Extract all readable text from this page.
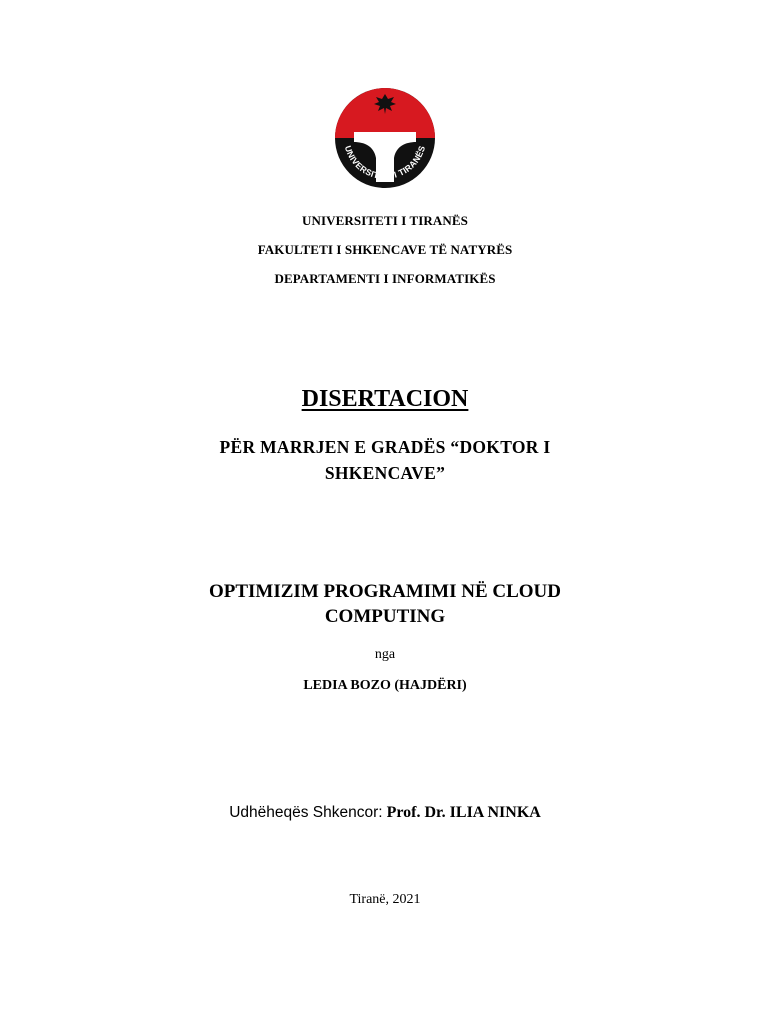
UNIVERSITETI I TIRANËS
UNIVERSITETI I TIRANËS
FAKULTETI I SHKENCAVE TË NATYRËS
DEPARTAMENTI I INFORMATIKËS
DISERTACION
PËR MARRJEN E GRADËS “DOKTOR I
SHKENCAVE”
OPTIMIZIM PROGRAMIMI NË CLOUD
COMPUTING
nga
LEDIA BOZO (HAJDËRI)
Udhëheqës Shkencor: Prof. Dr. ILIA NINKA
Tiranë, 2021
